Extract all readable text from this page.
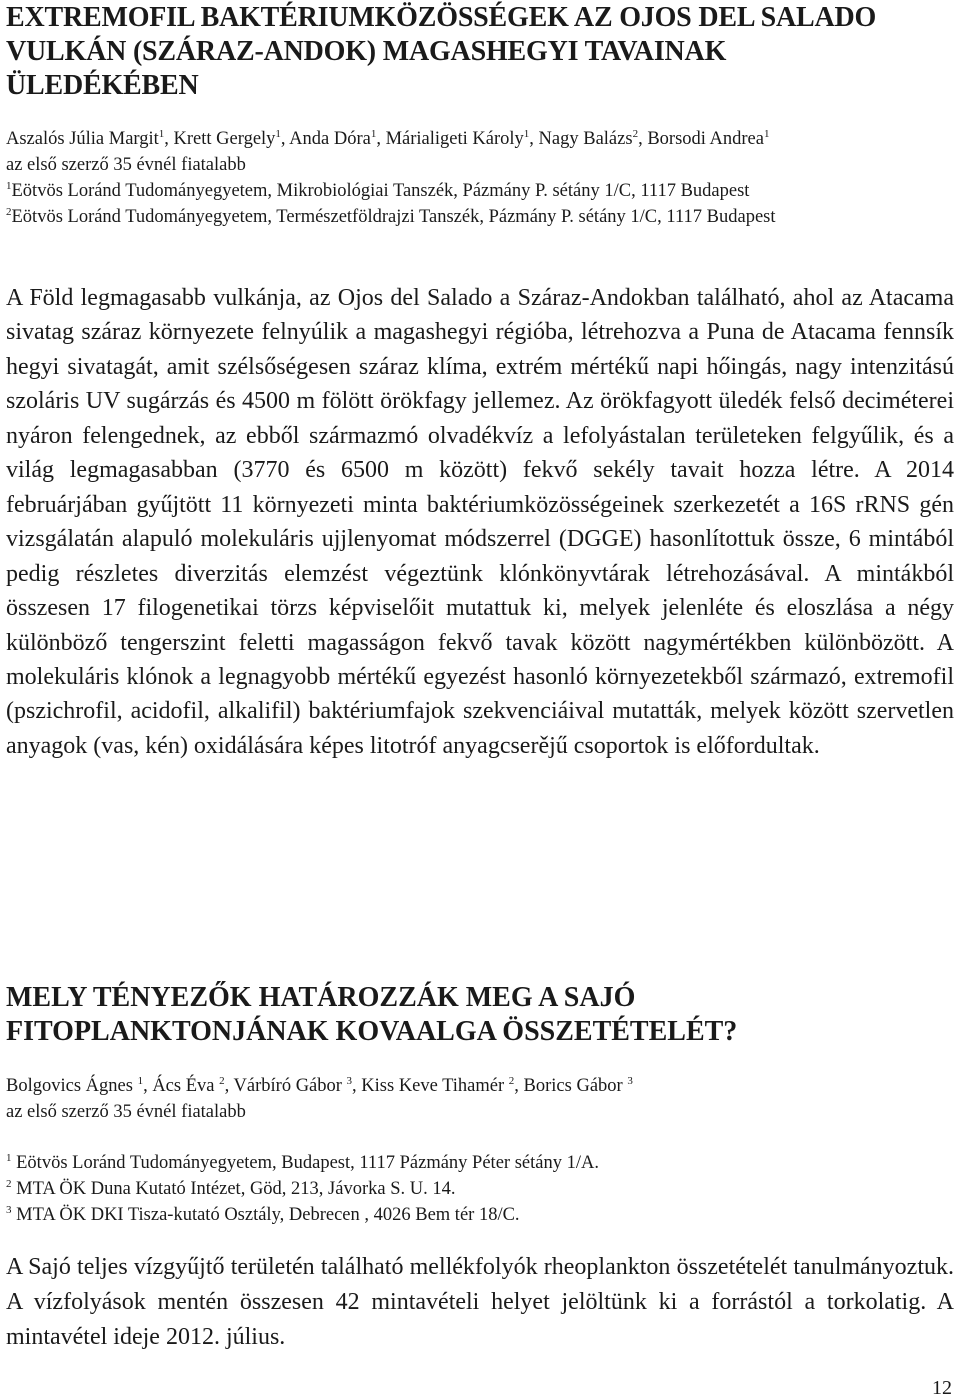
EXTREMOFIL BAKTÉRIUMKÖZÖSSÉGEK AZ OJOS DEL SALADO
VULKÁN (SZÁRAZ-ANDOK) MAGASHEGYI TAVAINAK
ÜLEDÉKÉBEN
Aszalós Júlia Margit$^1$, Krett Gergely$^1$, Anda Dóra$^1$, Márialigeti Károly$^1$, Nagy Balázs$^2$, Borsodi Andrea$^1$
az első szerző 35 évnél fiatalabb
$^1$Eötvös Loránd Tudományegyetem, Mikrobiológiai Tanszék, Pázmány P. sétány 1/C, 1117 Budapest
$^2$Eötvös Loránd Tudományegyetem, Természetföldrajzi Tanszék, Pázmány P. sétány 1/C, 1117 Budapest
A Föld legmagasabb vulkánja, az Ojos del Salado a Száraz-Andokban található, ahol az Atacama sivatag száraz környezete felnyúlik a magashegyi régióba, létrehozva a Puna de Atacama fennsík hegyi sivatagát, amit szélsőségesen száraz klíma, extrém mértékű napi hőingás, nagy intenzitású szoláris UV sugárzás és 4500 m fölött örökfagy jellemez. Az örökfagyott üledék felső deciméterei nyáron felengednek, az ebből származmó olvadékvíz a lefolyástalan területeken felgyűlik, és a világ legmagasabban (3770 és 6500 m között) fekvő sekély tavait hozza létre. A 2014 februárjában gyűjtött 11 környezeti minta baktériumközösségeinek szerkezetét a 16S rRNS gén vizsgálatán alapuló molekuláris ujjlenyomat módszerrel (DGGE) hasonlítottuk össze, 6 mintából pedig részletes diverzitás elemzést végeztünk klónkönyvtárak létrehozásával. A mintákból összesen 17 filogenetikai törzs képviselőit mutattuk ki, melyek jelenléte és eloszlása a négy különböző tengerszint feletti magasságon fekvő tavak között nagymértékben különbözött. A molekuláris klónok a legnagyobb mértékű egyezést hasonló környezetekből származó, extremofil (pszichrofil, acidofil, alkalifil) baktériumfajok szekvenciáival mutatták, melyek között szervetlen anyagok (vas, kén) oxidálására képes litotróf anyagcserějű csoportok is előfordultak.
MELY TÉNYEZŐK HATÁROZZÁK MEG A SAJÓ
FITOPLANKTONJÁNAK KOVAALGA ÖSSZETÉTELÉT?
Bolgovics Ágnes $^1$, Ács Éva $^2$, Várbíró Gábor $^3$, Kiss Keve Tihamér $^2$, Borics Gábor $^3$
az első szerző 35 évnél fiatalabb
$^1$ Eötvös Loránd Tudományegyetem, Budapest, 1117 Pázmány Péter sétány 1/A.
$^2$ MTA ÖK Duna Kutató Intézet, Göd, 213, Jávorka S. U. 14.
$^3$ MTA ÖK DKI Tisza-kutató Osztály, Debrecen , 4026 Bem tér 18/C.
A Sajó teljes vízgyűjtő területén található mellékfolyók rheoplankton összetételét tanulmányoztuk. A vízfolyások mentén összesen 42 mintavételi helyet jelöltünk ki a forrástól a torkolatig. A mintavétel ideje 2012. július.
12
